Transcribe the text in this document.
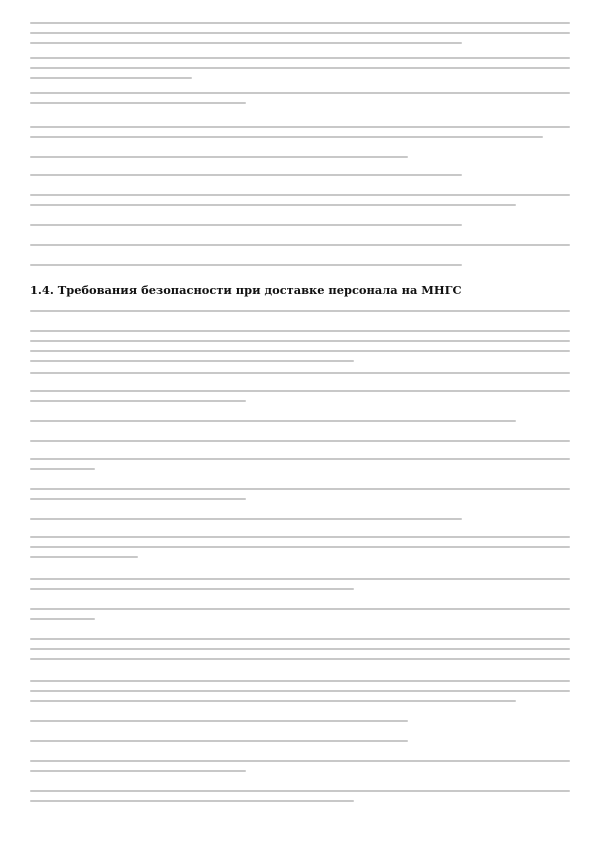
1.4. Требования безопасности при доставке персонала на МНГС
